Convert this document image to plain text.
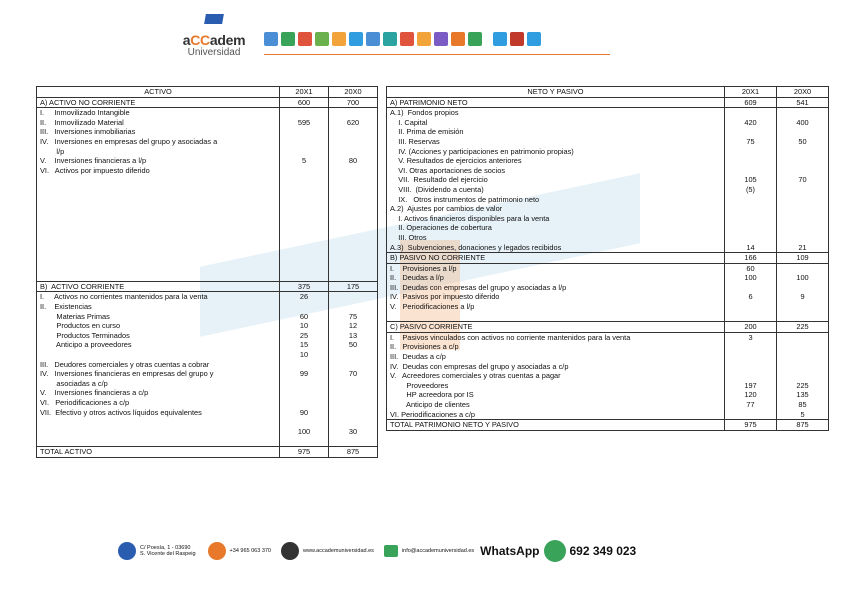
aCCadem
Universidad
ACTIVO	20X1	20X0
A) ACTIVO NO CORRIENTE	600	700
I.     Inmovilizado Intangible		
II.    Inmovilizado Material	595	620
III.   Inversiones inmobiliarias		
IV.   Inversiones en empresas del grupo y asociadas a		
l/p		
V.    Inversiones financieras a l/p	5	80
VI.   Activos por impuesto diferido		

B)  ACTIVO CORRIENTE	375	175
I.     Activos no corrientes mantenidos para la venta	26	
II.    Existencias		
Materias Primas	60	75
Productos en curso	10	12
Productos Terminados	25	13
Anticipo a proveedores	15	50
	10	
III.   Deudores comerciales y otras cuentas a cobrar		
IV.   Inversiones financieras en empresas del grupo y	99	70
asociadas a c/p		
V.    Inversiones financieras a c/p		
VI.   Periodificaciones a c/p		
VII.  Efectivo y otros activos líquidos equivalentes	90	

	100	30

TOTAL ACTIVO	975	875
NETO Y PASIVO	20X1	20X0
A) PATRIMONIO NETO	609	541
A.1)  Fondos propios		
I. Capital	420	400
II. Prima de emisión		
III. Reservas	75	50
IV. (Acciones y participaciones en patrimonio propias)		
V. Resultados de ejercicios anteriores		
VI. Otras aportaciones de socios		
VII.  Resultado del ejercicio	105	70
VIII.  (Dividendo a cuenta)	(5)	
IX.   Otros instrumentos de patrimonio neto		
A.2)  Ajustes por cambios de valor		
I. Activos financieros disponibles para la venta		
II. Operaciones de cobertura		
III. Otros		
A.3)  Subvenciones, donaciones y legados recibidos	14	21
B) PASIVO NO CORRIENTE	166	109
I.    Provisiones a l/p	60	
II.   Deudas a l/p	100	100
III.  Deudas con empresas del grupo y asociadas a l/p		
IV.  Pasivos por impuesto diferido	6	9
V.   Periodificaciones a l/p		

C) PASIVO CORRIENTE	200	225
I.    Pasivos vinculados con activos no corriente mantenidos para la venta	3	
II.   Provisiones a c/p		
III.  Deudas a c/p		
IV.  Deudas con empresas del grupo y asociadas a c/p		
V.   Acreedores comerciales y otras cuentas a pagar		
Proveedores	197	225
HP acreedora por IS	120	135
Anticipo de clientes	77	85
VI. Periodificaciones a c/p		5
TOTAL PATRIMONIO NETO Y PASIVO	975	875
C/ Poesía, 1 - 03690
S. Vicente del Raspeig	+34 965 063 370	www.accademuniversidad.es	info@accademuniversidad.es WhatsApp	692 349 023
